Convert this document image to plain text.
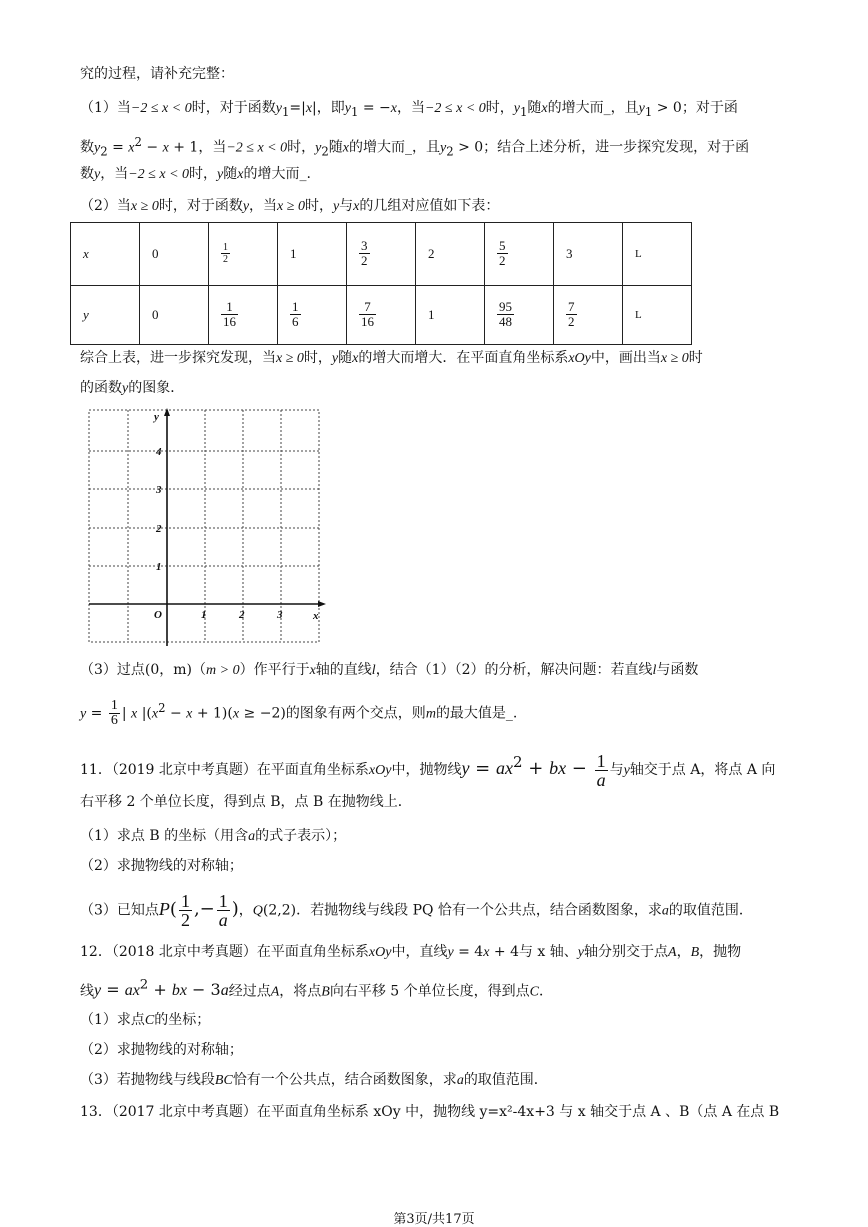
究的过程，请补充完整：
（1）当−2 ≤ x < 0时，对于函数$y_1=|x|$，即$y_1 = -x$，当−2 ≤ x < 0时，$y_1$随x的增大而_，且$y_1 > 0$；对于函
数$y_2 = x^2 - x + 1$，当−2 ≤ x < 0时，$y_2$随x的增大而_，且$y_2 > 0$；结合上述分析，进一步探究发现，对于函
数y，当−2 ≤ x < 0时，y随x的增大而_.
（2）当x ≥ 0时，对于函数y，当x ≥ 0时，y与x的几组对应值如下表：
x	0	$\frac{1}{2}$	1	$\frac{3}{2}$	2	$\frac{5}{2}$	3	L
y	0	$\frac{1}{16}$	$\frac{1}{6}$	$\frac{7}{16}$	1	$\frac{95}{48}$	$\frac{7}{2}$	L
综合上表，进一步探究发现，当x ≥ 0时，y随x的增大而增大．在平面直角坐标系xOy中，画出当x ≥ 0时
的函数y的图象．
y
x
O	1	2	3
1
2
3
4
（3）过点(0，m)（m > 0）作平行于x轴的直线l，结合（1）（2）的分析，解决问题：若直线l与函数
$y = \frac{1}{6}$ | x $|(x^2 - x + 1)(x \ge -2)$的图象有两个交点，则m的最大值是_.
11．（2019 北京中考真题）在平面直角坐标系xOy中，抛物线$y = ax^2$ + bx − $\frac{1}{a}$ 与y轴交于点 A，将点 A 向
右平移 2 个单位长度，得到点 B，点 B 在抛物线上．
（1）求点 B 的坐标（用含a的式子表示）；
（2）求抛物线的对称轴；
（3）已知点$P( \frac{1}{2}$ ,− $\frac{1}{a}$ )，Q(2,2)．若抛物线与线段 PQ 恰有一个公共点，结合函数图象，求a的取值范围．
12．（2018 北京中考真题）在平面直角坐标系xOy中，直线y = 4x + 4与 x 轴、y轴分别交于点A，B，抛物
线$y = ax^2$ + bx − 3a经过点A，将点B向右平移 5 个单位长度，得到点C．
（1）求点C的坐标；
（2）求抛物线的对称轴；
（3）若抛物线与线段BC恰有一个公共点，结合函数图象，求a的取值范围．
13．（2017 北京中考真题）在平面直角坐标系 xOy 中，抛物线 y=x²-4x+3 与 x 轴交于点 A 、B（点 A 在点 B
第3页/共17页
